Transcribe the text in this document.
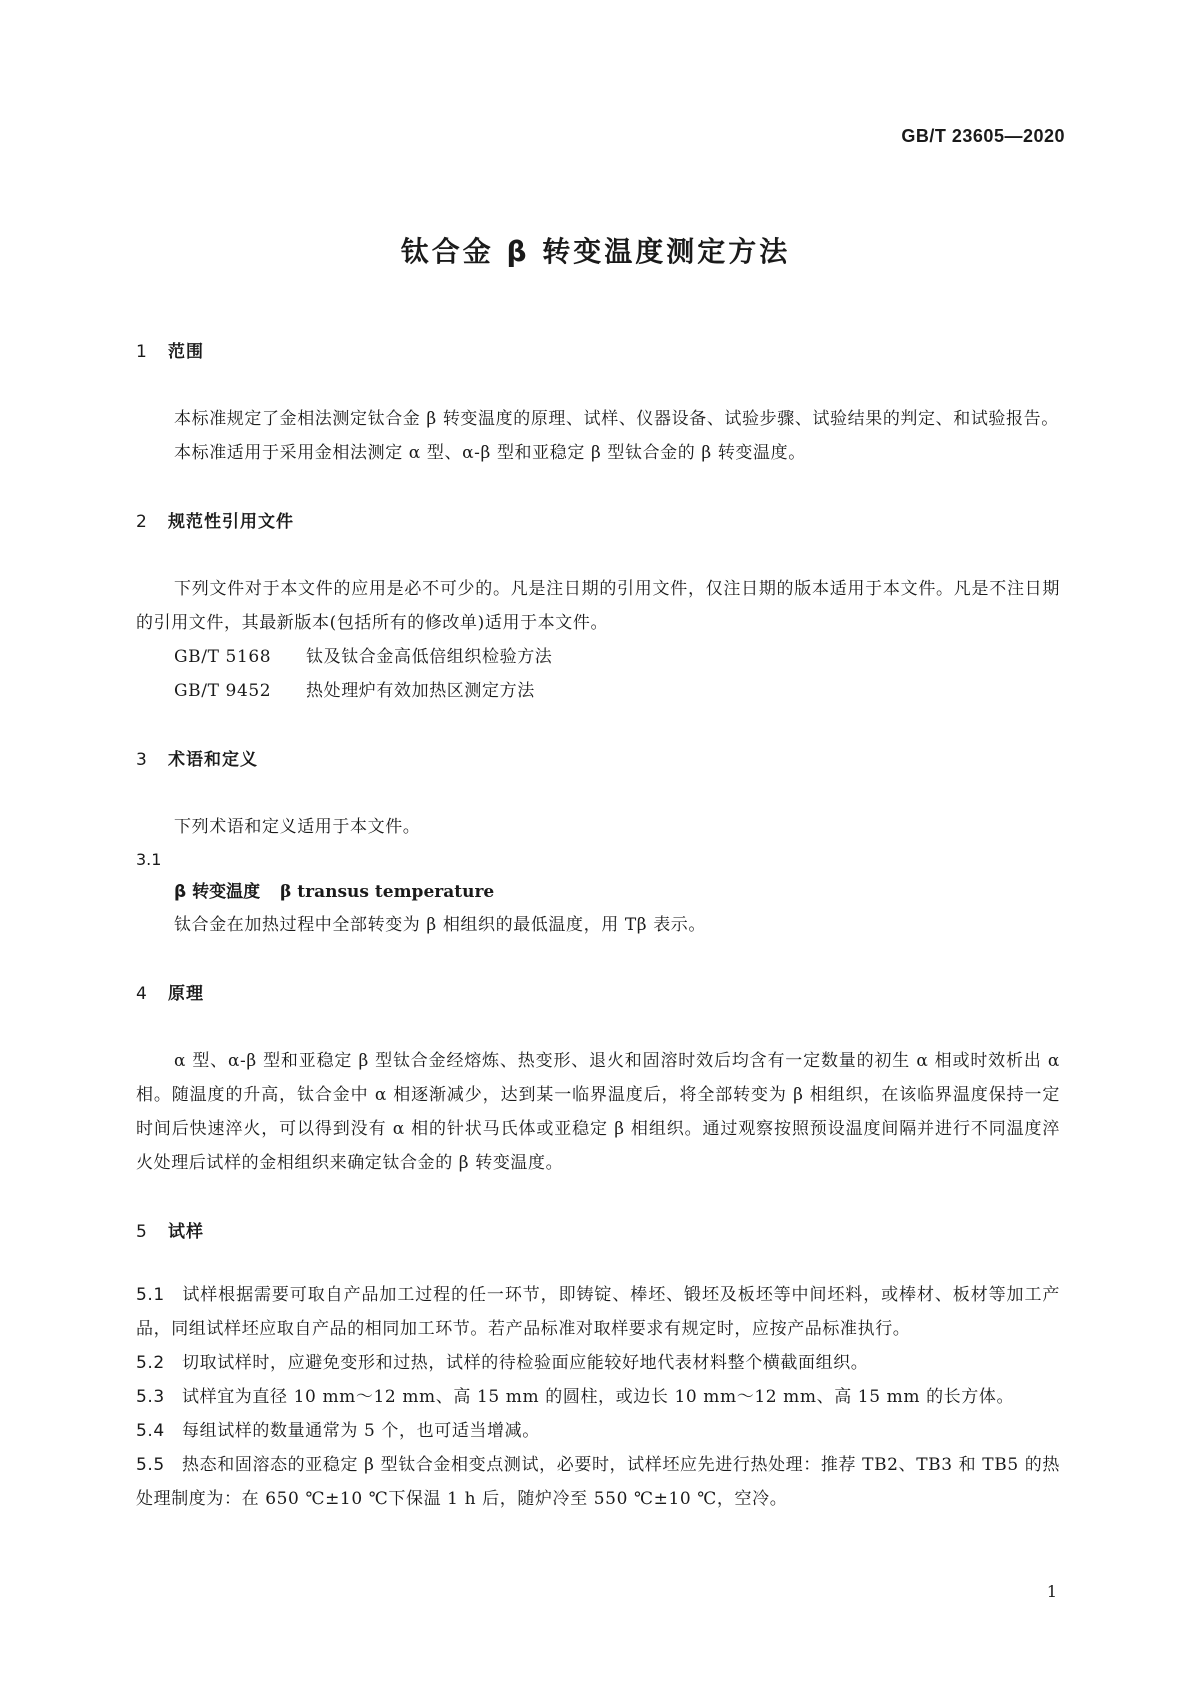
GB/T 23605—2020
钛合金 β 转变温度测定方法
1 范围

本标准规定了金相法测定钛合金 β 转变温度的原理、试样、仪器设备、试验步骤、试验结果的判定、和试验报告。

本标准适用于采用金相法测定 α 型、α-β 型和亚稳定 β 型钛合金的 β 转变温度。

2 规范性引用文件

下列文件对于本文件的应用是必不可少的。凡是注日期的引用文件，仅注日期的版本适用于本文件。凡是不注日期的引用文件，其最新版本(包括所有的修改单)适用于本文件。

GB/T 5168 钛及钛合金高低倍组织检验方法

GB/T 9452 热处理炉有效加热区测定方法

3 术语和定义

下列术语和定义适用于本文件。

3.1

β 转变温度 β transus temperature

钛合金在加热过程中全部转变为 β 相组织的最低温度，用 Tβ 表示。

4 原理

α 型、α-β 型和亚稳定 β 型钛合金经熔炼、热变形、退火和固溶时效后均含有一定数量的初生 α 相或时效析出 α 相。随温度的升高，钛合金中 α 相逐渐减少，达到某一临界温度后，将全部转变为 β 相组织，在该临界温度保持一定时间后快速淬火，可以得到没有 α 相的针状马氏体或亚稳定 β 相组织。通过观察按照预设温度间隔并进行不同温度淬火处理后试样的金相组织来确定钛合金的 β 转变温度。

5 试样

5.1 试样根据需要可取自产品加工过程的任一环节，即铸锭、棒坯、锻坯及板坯等中间坯料，或棒材、板材等加工产品，同组试样坯应取自产品的相同加工环节。若产品标准对取样要求有规定时，应按产品标准执行。

5.2 切取试样时，应避免变形和过热，试样的待检验面应能较好地代表材料整个横截面组织。

5.3 试样宜为直径 10 mm～12 mm、高 15 mm 的圆柱，或边长 10 mm～12 mm、高 15 mm 的长方体。

5.4 每组试样的数量通常为 5 个，也可适当增减。

5.5 热态和固溶态的亚稳定 β 型钛合金相变点测试，必要时，试样坯应先进行热处理：推荐 TB2、TB3 和 TB5 的热处理制度为：在 650 ℃±10 ℃下保温 1 h 后，随炉冷至 550 ℃±10 ℃，空冷。

1
